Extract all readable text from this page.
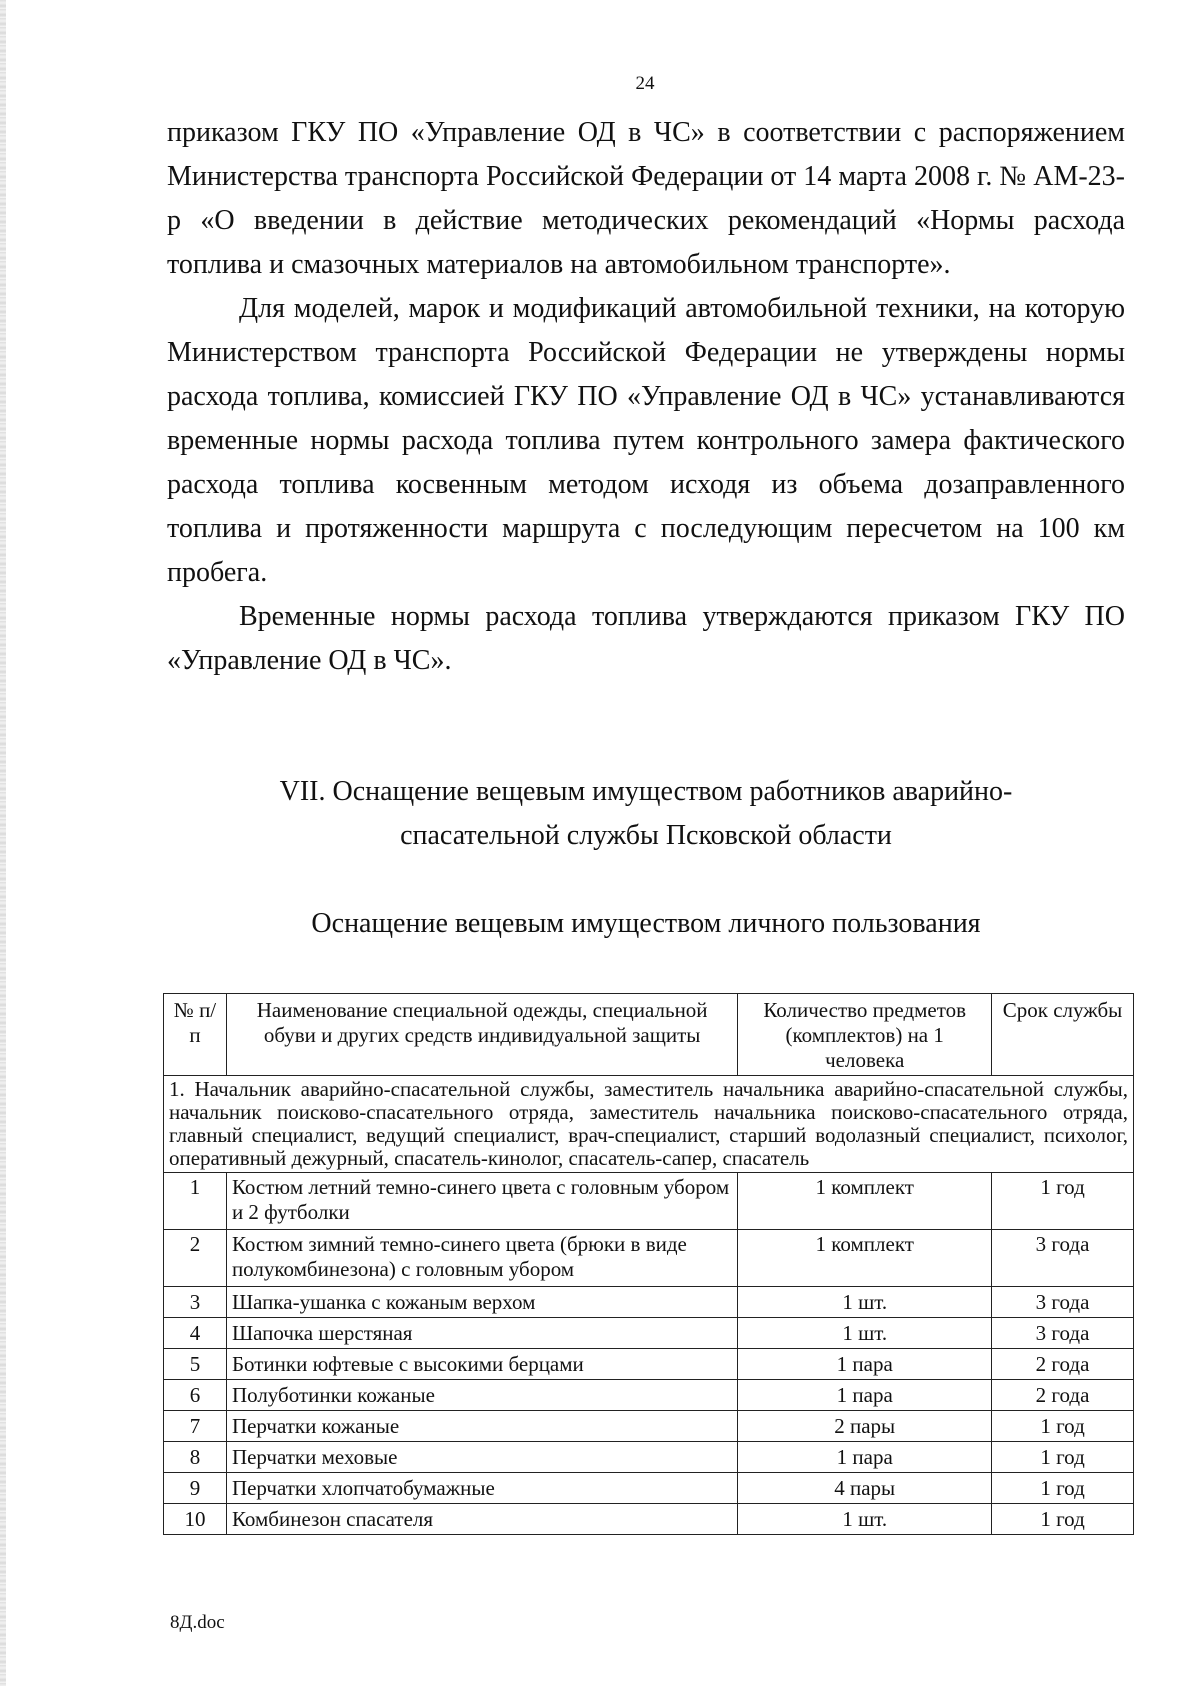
24

приказом ГКУ ПО «Управление ОД в ЧС» в соответствии с распоряжением Министерства транспорта Российской Федерации от 14 марта 2008 г. № АМ-23-р «О введении в действие методических рекомендаций «Нормы расхода топлива и смазочных материалов на автомобильном транспорте».

Для моделей, марок и модификаций автомобильной техники, на которую Министерством транспорта Российской Федерации не утверждены нормы расхода топлива, комиссией ГКУ ПО «Управление ОД в ЧС» устанавливаются временные нормы расхода топлива путем контрольного замера фактического расхода топлива косвенным методом исходя из объема дозаправленного топлива и протяженности маршрута с последующим пересчетом на 100 км пробега.

Временные нормы расхода топлива утверждаются приказом ГКУ ПО «Управление ОД в ЧС».

VII. Оснащение вещевым имуществом работников аварийно-
спасательной службы Псковской области
Оснащение вещевым имуществом личного пользования
№ п/п	Наименование специальной одежды, специальной обуви и других средств индивидуальной защиты	Количество предметов (комплектов) на 1 человека	Срок службы
1. Начальник аварийно-спасательной службы, заместитель начальника аварийно-спасательной службы, начальник поисково-спасательного отряда, заместитель начальника поисково-спасательного отряда, главный специалист, ведущий специалист, врач-специалист, старший водолазный специалист, психолог, оперативный дежурный, спасатель-кинолог, спасатель-сапер, спасатель			
1	Костюм летний темно-синего цвета с головным убором и 2 футболки	1 комплект	1 год
2	Костюм зимний темно-синего цвета (брюки в виде полукомбинезона) с головным убором	1 комплект	3 года
3	Шапка-ушанка с кожаным верхом	1 шт.	3 года
4	Шапочка шерстяная	1 шт.	3 года
5	Ботинки юфтевые с высокими берцами	1 пара	2 года
6	Полуботинки кожаные	1 пара	2 года
7	Перчатки кожаные	2 пары	1 год
8	Перчатки меховые	1 пара	1 год
9	Перчатки хлопчатобумажные	4 пары	1 год
10	Комбинезон спасателя	1 шт.	1 год
8Д.doc
